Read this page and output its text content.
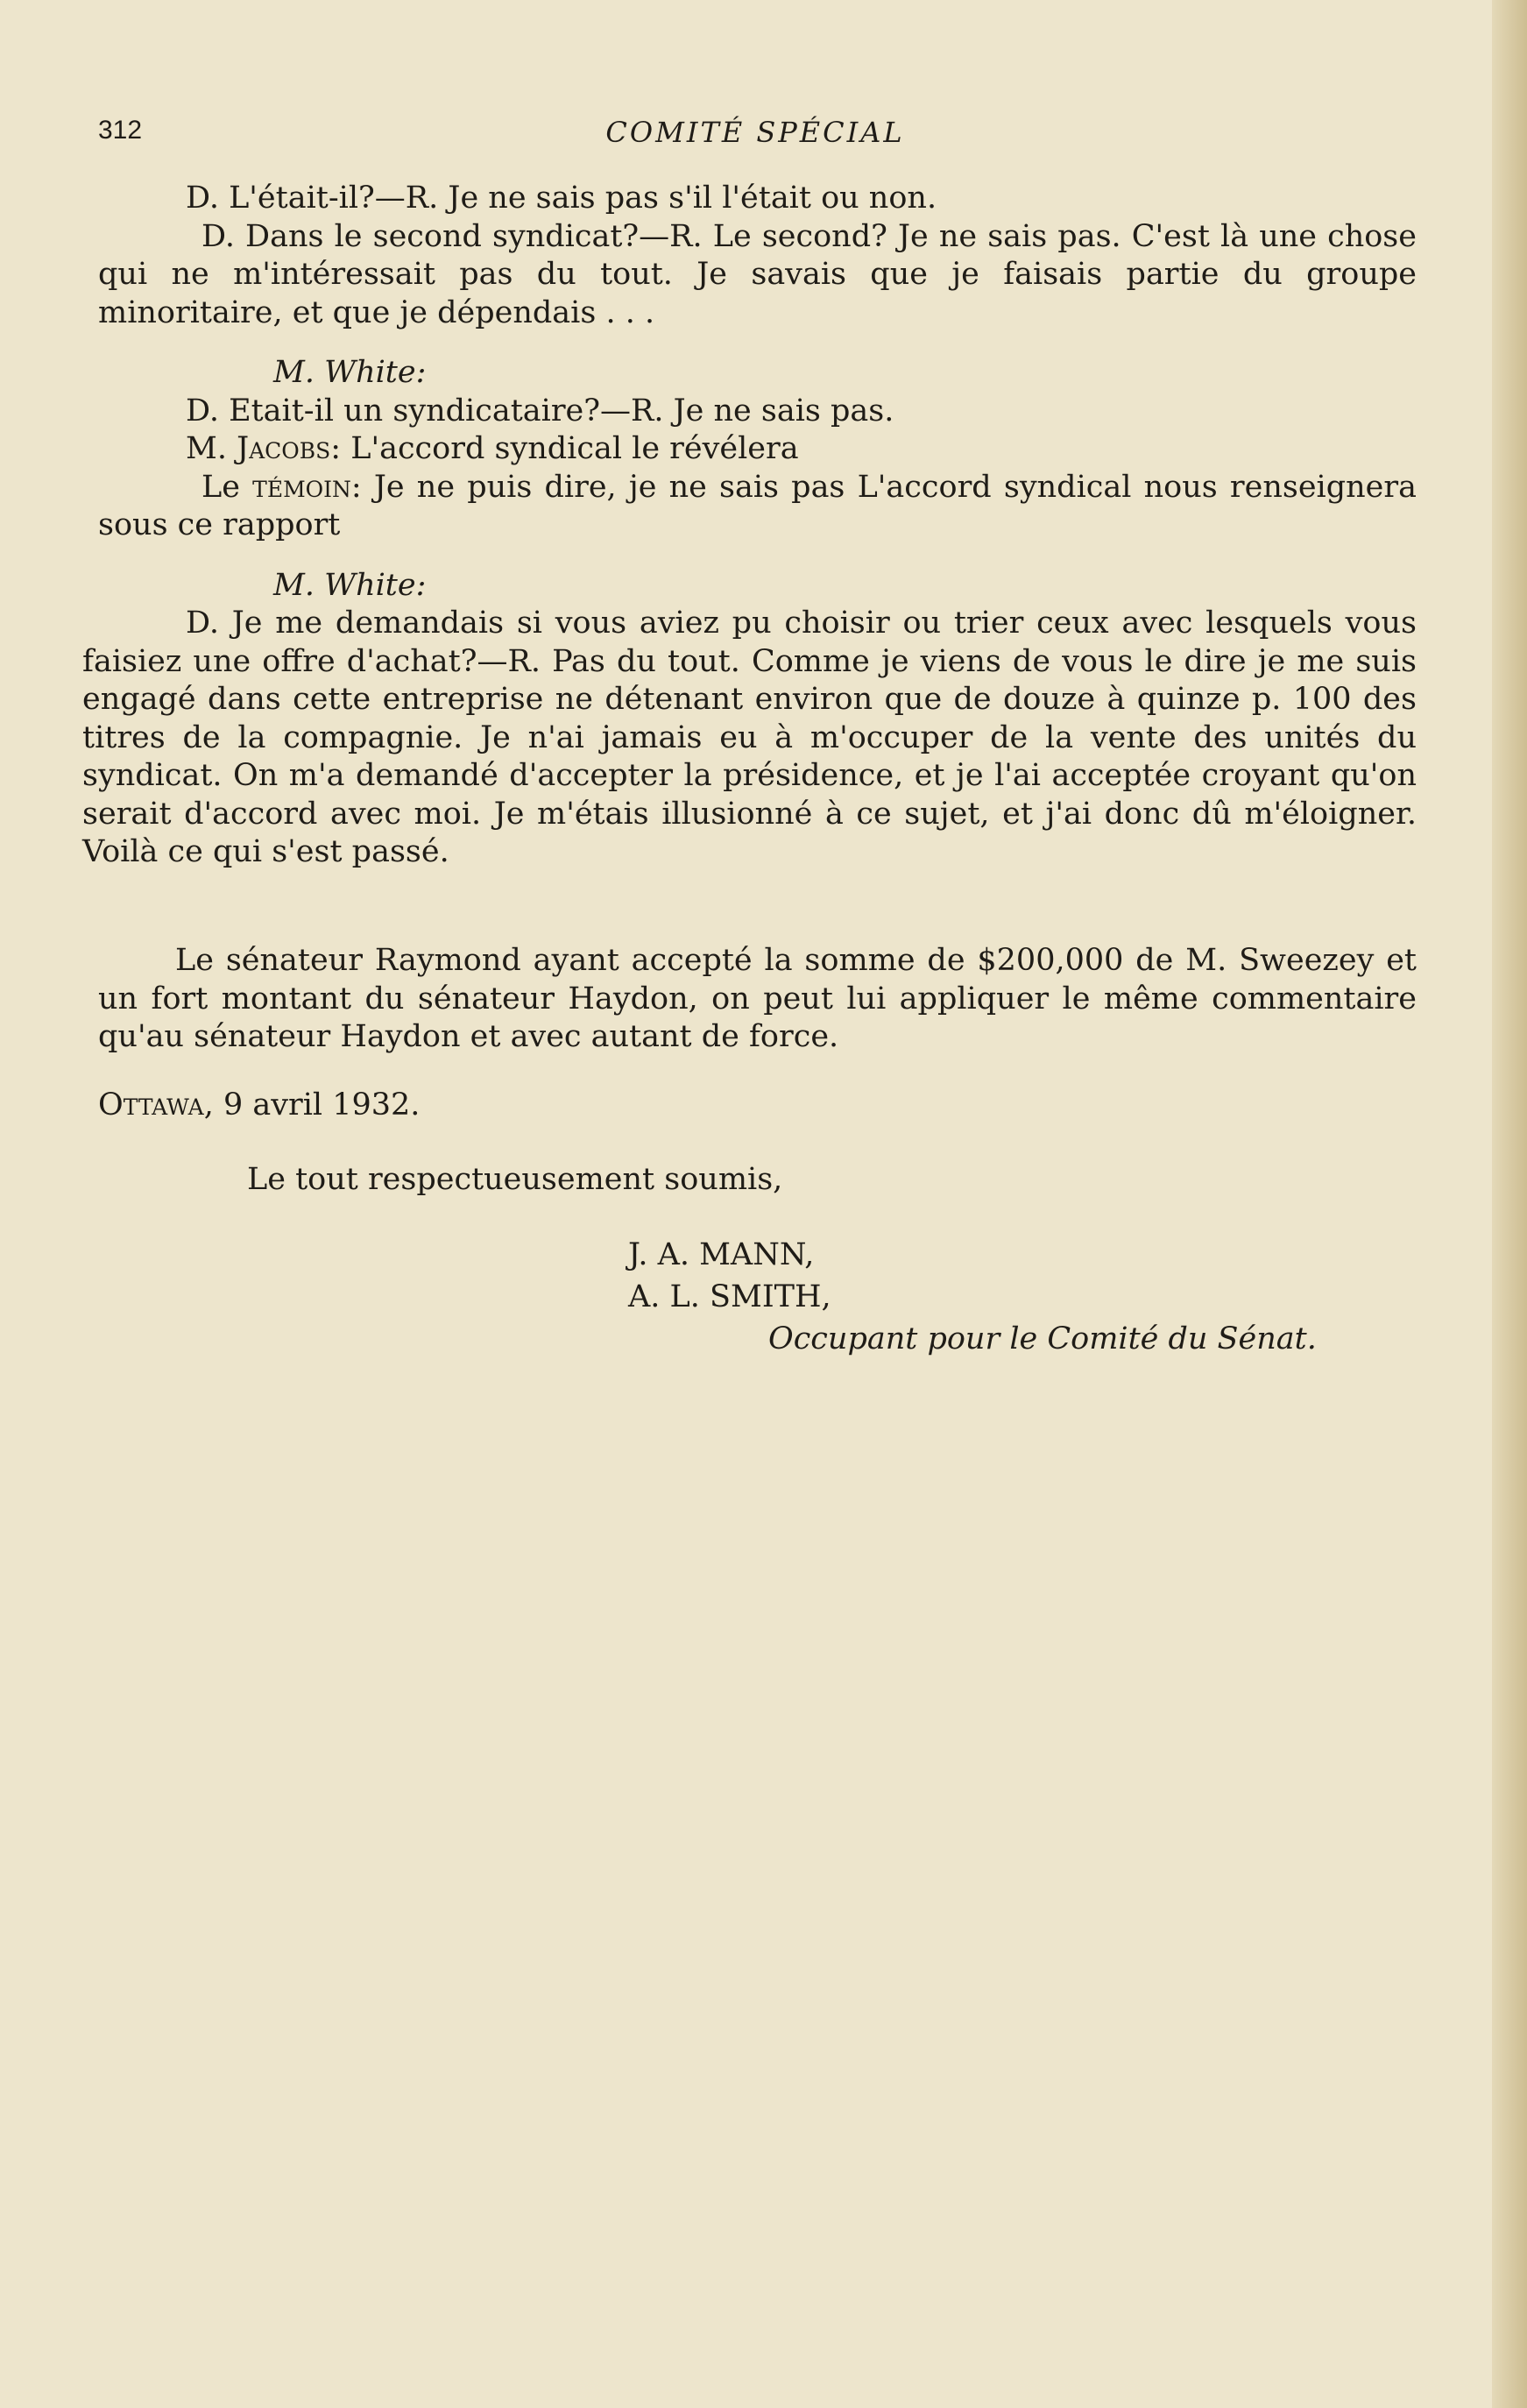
312	COMITÉ SPÉCIAL

D. L'était-il?—R. Je ne sais pas s'il l'était ou non.

D. Dans le second syndicat?—R. Le second? Je ne sais pas. C'est là une chose qui ne m'intéressait pas du tout. Je savais que je faisais partie du groupe minoritaire, et que je dépendais . . .

M. White:

D. Etait-il un syndicataire?—R. Je ne sais pas.

M. Jacobs: L'accord syndical le révélera

Le témoin: Je ne puis dire, je ne sais pas L'accord syndical nous renseignera sous ce rapport

M. White:

D. Je me demandais si vous aviez pu choisir ou trier ceux avec lesquels vous faisiez une offre d'achat?—R. Pas du tout. Comme je viens de vous le dire je me suis engagé dans cette entreprise ne détenant environ que de douze à quinze p. 100 des titres de la compagnie. Je n'ai jamais eu à m'occuper de la vente des unités du syndicat. On m'a demandé d'accepter la présidence, et je l'ai acceptée croyant qu'on serait d'accord avec moi. Je m'étais illusionné à ce sujet, et j'ai donc dû m'éloigner. Voilà ce qui s'est passé.

Le sénateur Raymond ayant accepté la somme de $200,000 de M. Sweezey et un fort montant du sénateur Haydon, on peut lui appliquer le même commentaire qu'au sénateur Haydon et avec autant de force.

Ottawa, 9 avril 1932.

Le tout respectueusement soumis,

J. A. MANN,
A. L. SMITH,
Occupant pour le Comité du Sénat.
